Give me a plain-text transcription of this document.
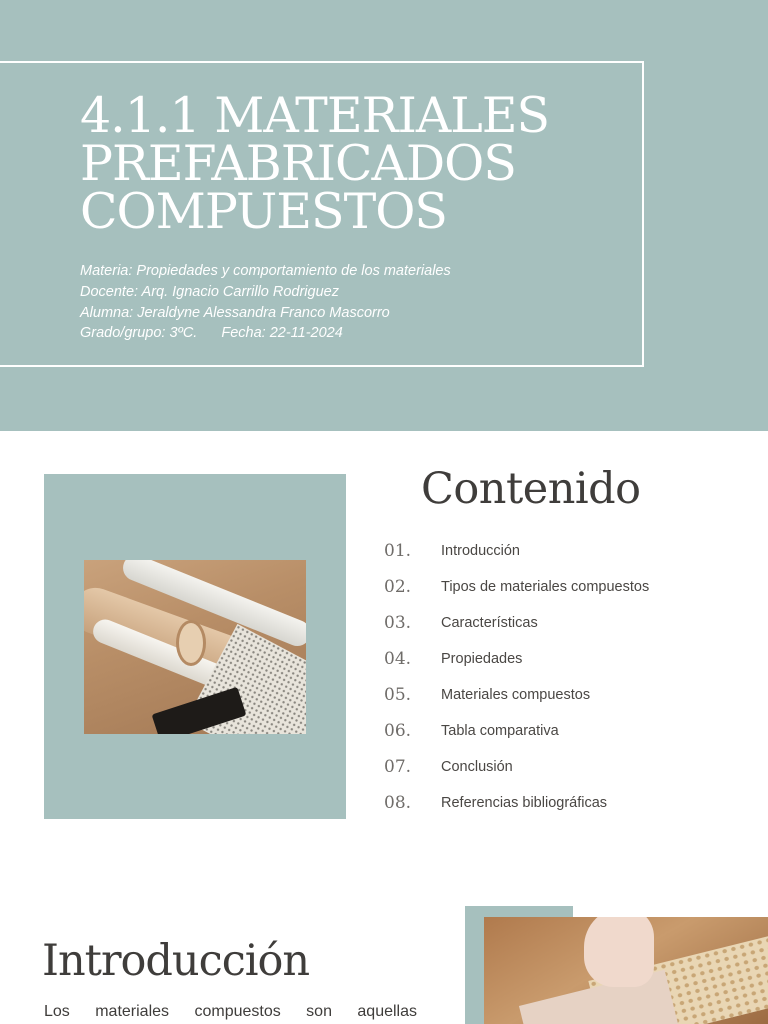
4.1.1 MATERIALES
PREFABRICADOS
COMPUESTOS
Materia: Propiedades y comportamiento de los materiales
Docente: Arq. Ignacio Carrillo Rodriguez
Alumna: Jeraldyne Alessandra Franco Mascorro
Grado/grupo: 3ºC. Fecha: 22-11-2024
Contenido
01.	Introducción
02.	Tipos de materiales compuestos
03.	Características
04.	Propiedades
05.	Materiales compuestos
06.	Tabla comparativa
07.	Conclusión
08.	Referencias bibliográficas
Introducción

Los materiales compuestos son aquellas
